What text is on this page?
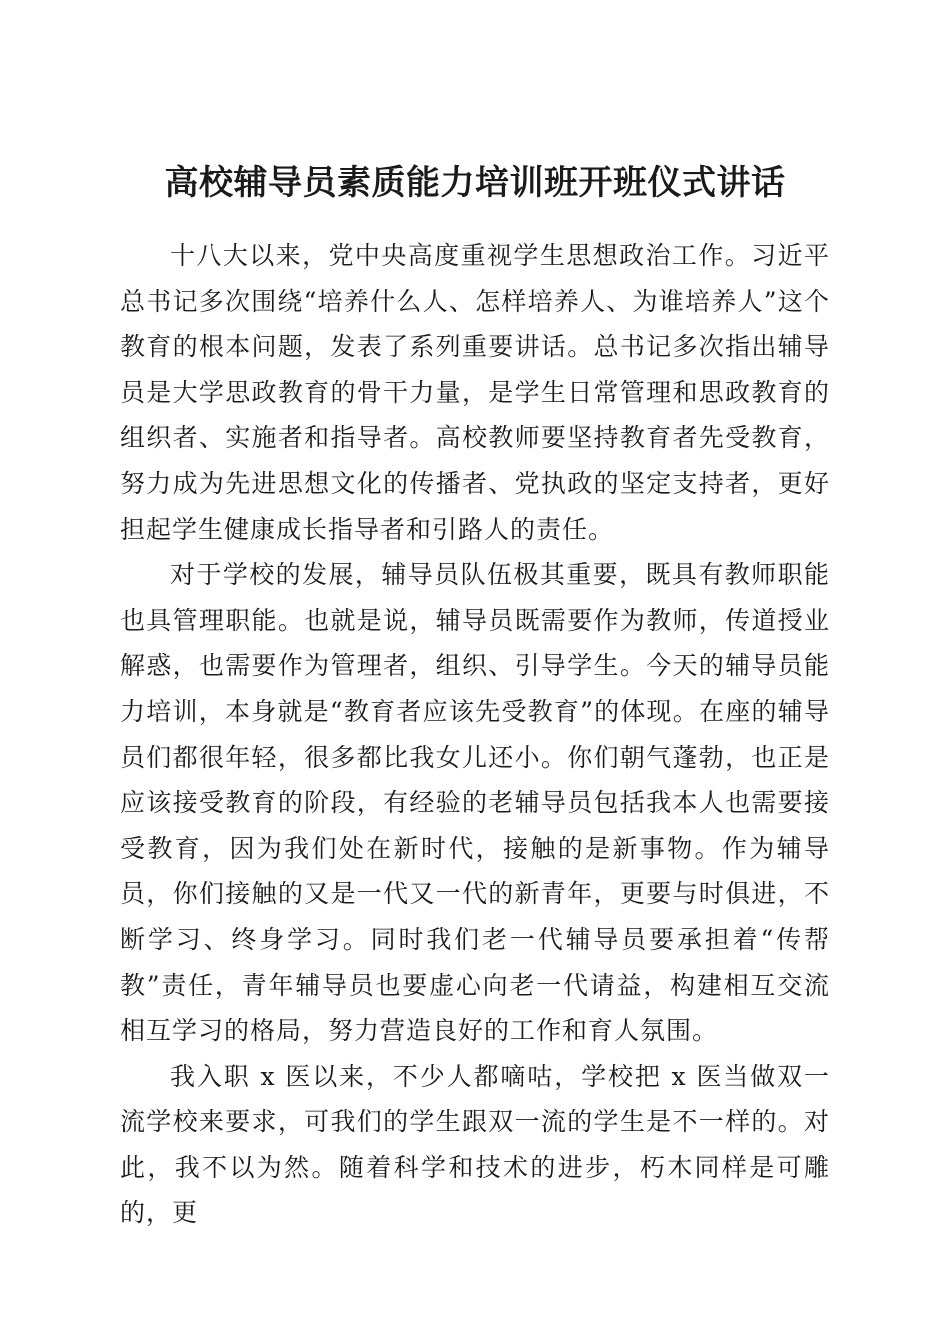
高校辅导员素质能力培训班开班仪式讲话

十八大以来，党中央高度重视学生思想政治工作。习近平总书记多次围绕“培养什么人、怎样培养人、为谁培养人”这个教育的根本问题，发表了系列重要讲话。总书记多次指出辅导员是大学思政教育的骨干力量，是学生日常管理和思政教育的组织者、实施者和指导者。高校教师要坚持教育者先受教育，努力成为先进思想文化的传播者、党执政的坚定支持者，更好担起学生健康成长指导者和引路人的责任。

对于学校的发展，辅导员队伍极其重要，既具有教师职能也具管理职能。也就是说，辅导员既需要作为教师，传道授业解惑，也需要作为管理者，组织、引导学生。今天的辅导员能力培训，本身就是“教育者应该先受教育”的体现。在座的辅导员们都很年轻，很多都比我女儿还小。你们朝气蓬勃，也正是应该接受教育的阶段，有经验的老辅导员包括我本人也需要接受教育，因为我们处在新时代，接触的是新事物。作为辅导员，你们接触的又是一代又一代的新青年，更要与时俱进，不断学习、终身学习。同时我们老一代辅导员要承担着“传帮教”责任，青年辅导员也要虚心向老一代请益，构建相互交流相互学习的格局，努力营造良好的工作和育人氛围。

我入职 x 医以来，不少人都嘀咕，学校把 x 医当做双一流学校来要求，可我们的学生跟双一流的学生是不一样的。对此，我不以为然。随着科学和技术的进步，朽木同样是可雕的，更
